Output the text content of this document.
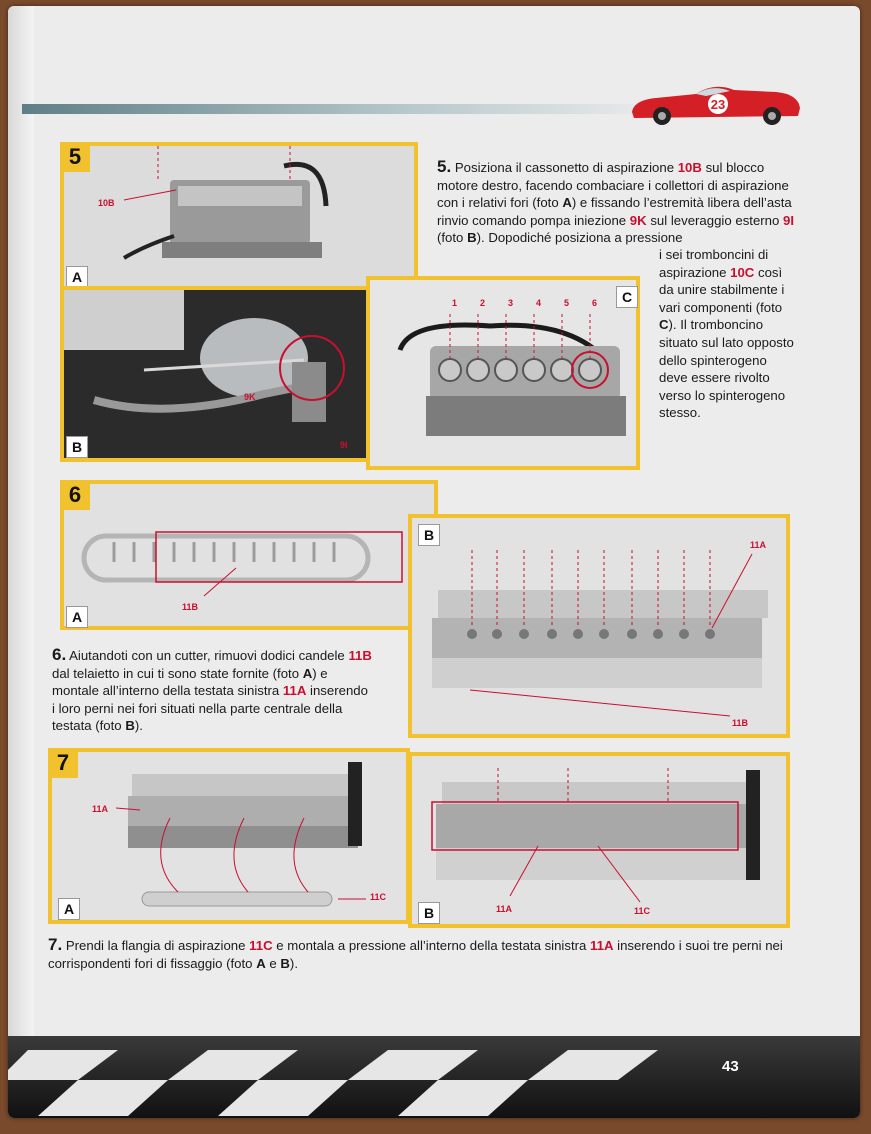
23
10B
5
A
9K
9I
B
1	2	3	4	5	6	C
5. Posiziona il cassonetto di aspirazione 10B sul blocco motore destro, facendo combaciare i collettori di aspirazione con i relativi fori (foto A) e fissando l’estremità libera dell’asta rinvio comando pompa iniezione 9K sul leveraggio esterno 9I (foto B). Dopodiché posiziona a pressione
i sei tromboncini di aspirazione 10C così da unire stabilmente i vari componenti (foto C). Il tromboncino situato sul lato opposto dello spinterogeno deve essere rivolto verso lo spinterogeno stesso.
11B
6
A
11A
11B
B
6. Aiutandoti con un cutter, rimuovi dodici candele 11B dal telaietto in cui ti sono state fornite (foto A) e montale all’interno della testata sinistra 11A inserendo i loro perni nei fori situati nella parte centrale della testata (foto B).
11A
11C
7
A	11A	11C
B
7. Prendi la flangia di aspirazione 11C e montala a pressione all’interno della testata sinistra 11A inserendo i suoi tre perni nei corrispondenti fori di fissaggio (foto A e B).
43
